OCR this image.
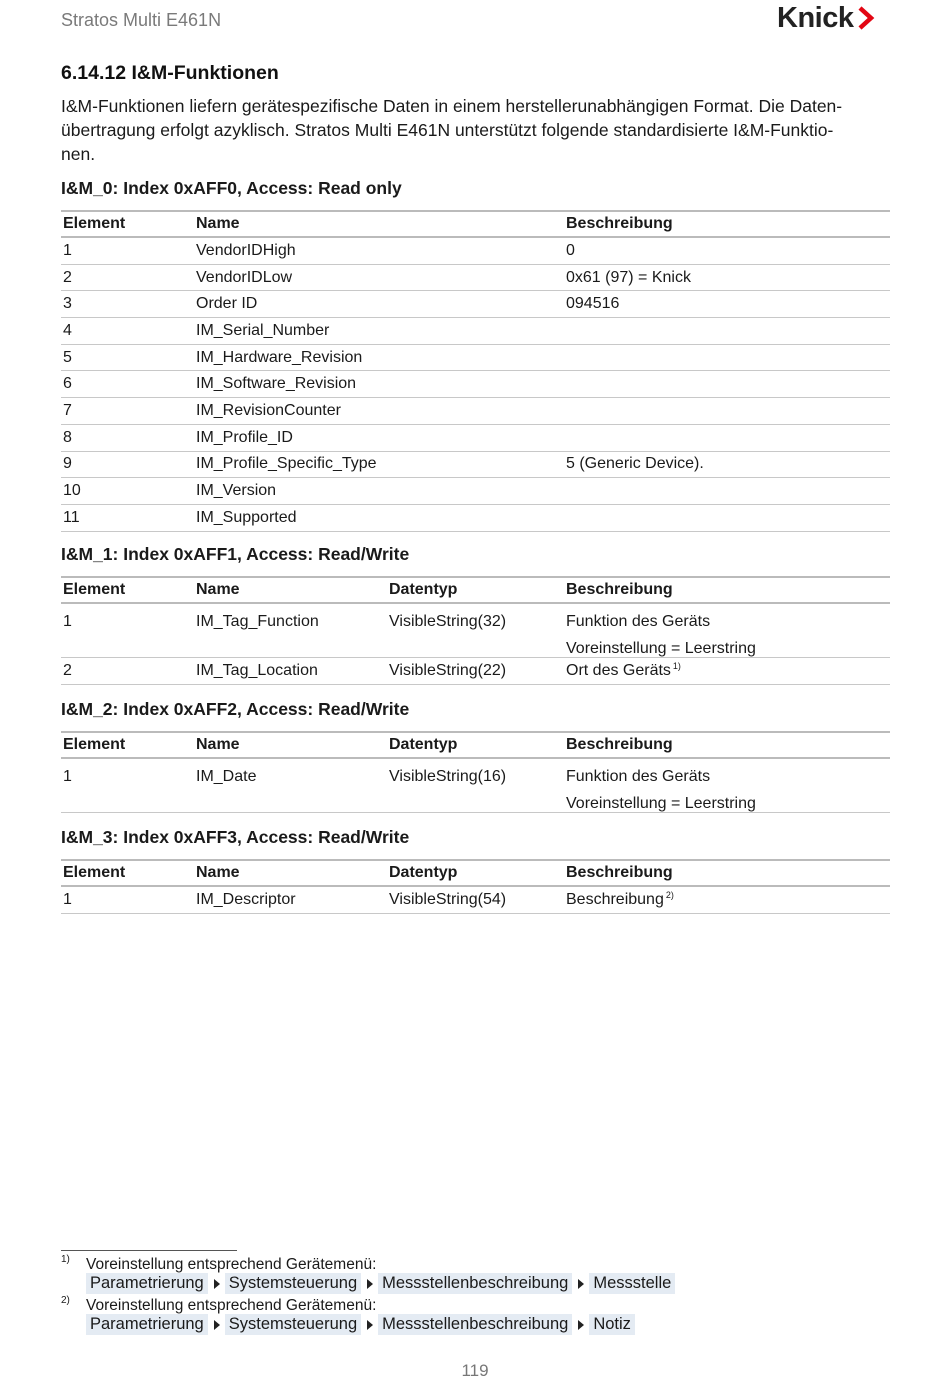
Stratos Multi E461N	Knick
6.14.12 I&M-Funktionen
I&M-Funktionen liefern gerätespezifische Daten in einem herstellerunabhängigen Format. Die Daten-
übertragung erfolgt azyklisch. Stratos Multi E461N unterstützt folgende standardisierte I&M-Funktio-
nen.
I&M_0: Index 0xAFF0, Access: Read only
Element	Name	Beschreibung
1	VendorIDHigh	0
2	VendorIDLow	0x61 (97) = Knick
3	Order ID	094516
4	IM_Serial_Number
5	IM_Hardware_Revision
6	IM_Software_Revision
7	IM_RevisionCounter
8	IM_Profile_ID
9	IM_Profile_Specific_Type	5 (Generic Device).
10	IM_Version
11	IM_Supported
I&M_1: Index 0xAFF1, Access: Read/Write
Element	Name	Datentyp	Beschreibung
1	IM_Tag_Function	VisibleString(32)	Funktion des Geräts
Voreinstellung = Leerstring
2	IM_Tag_Location	VisibleString(22)	Ort des Geräts $^{1)}$
I&M_2: Index 0xAFF2, Access: Read/Write
Element	Name	Datentyp	Beschreibung
1	IM_Date	VisibleString(16)	Funktion des Geräts
Voreinstellung = Leerstring
I&M_3: Index 0xAFF3, Access: Read/Write
Element	Name	Datentyp	Beschreibung
1	IM_Descriptor	VisibleString(54)	Beschreibung $^{2)}$
1) Voreinstellung entsprechend Gerätemenü:
Parametrierung Systemsteuerung Messstellenbeschreibung Messstelle
2) Voreinstellung entsprechend Gerätemenü:
Parametrierung Systemsteuerung Messstellenbeschreibung Notiz
119
